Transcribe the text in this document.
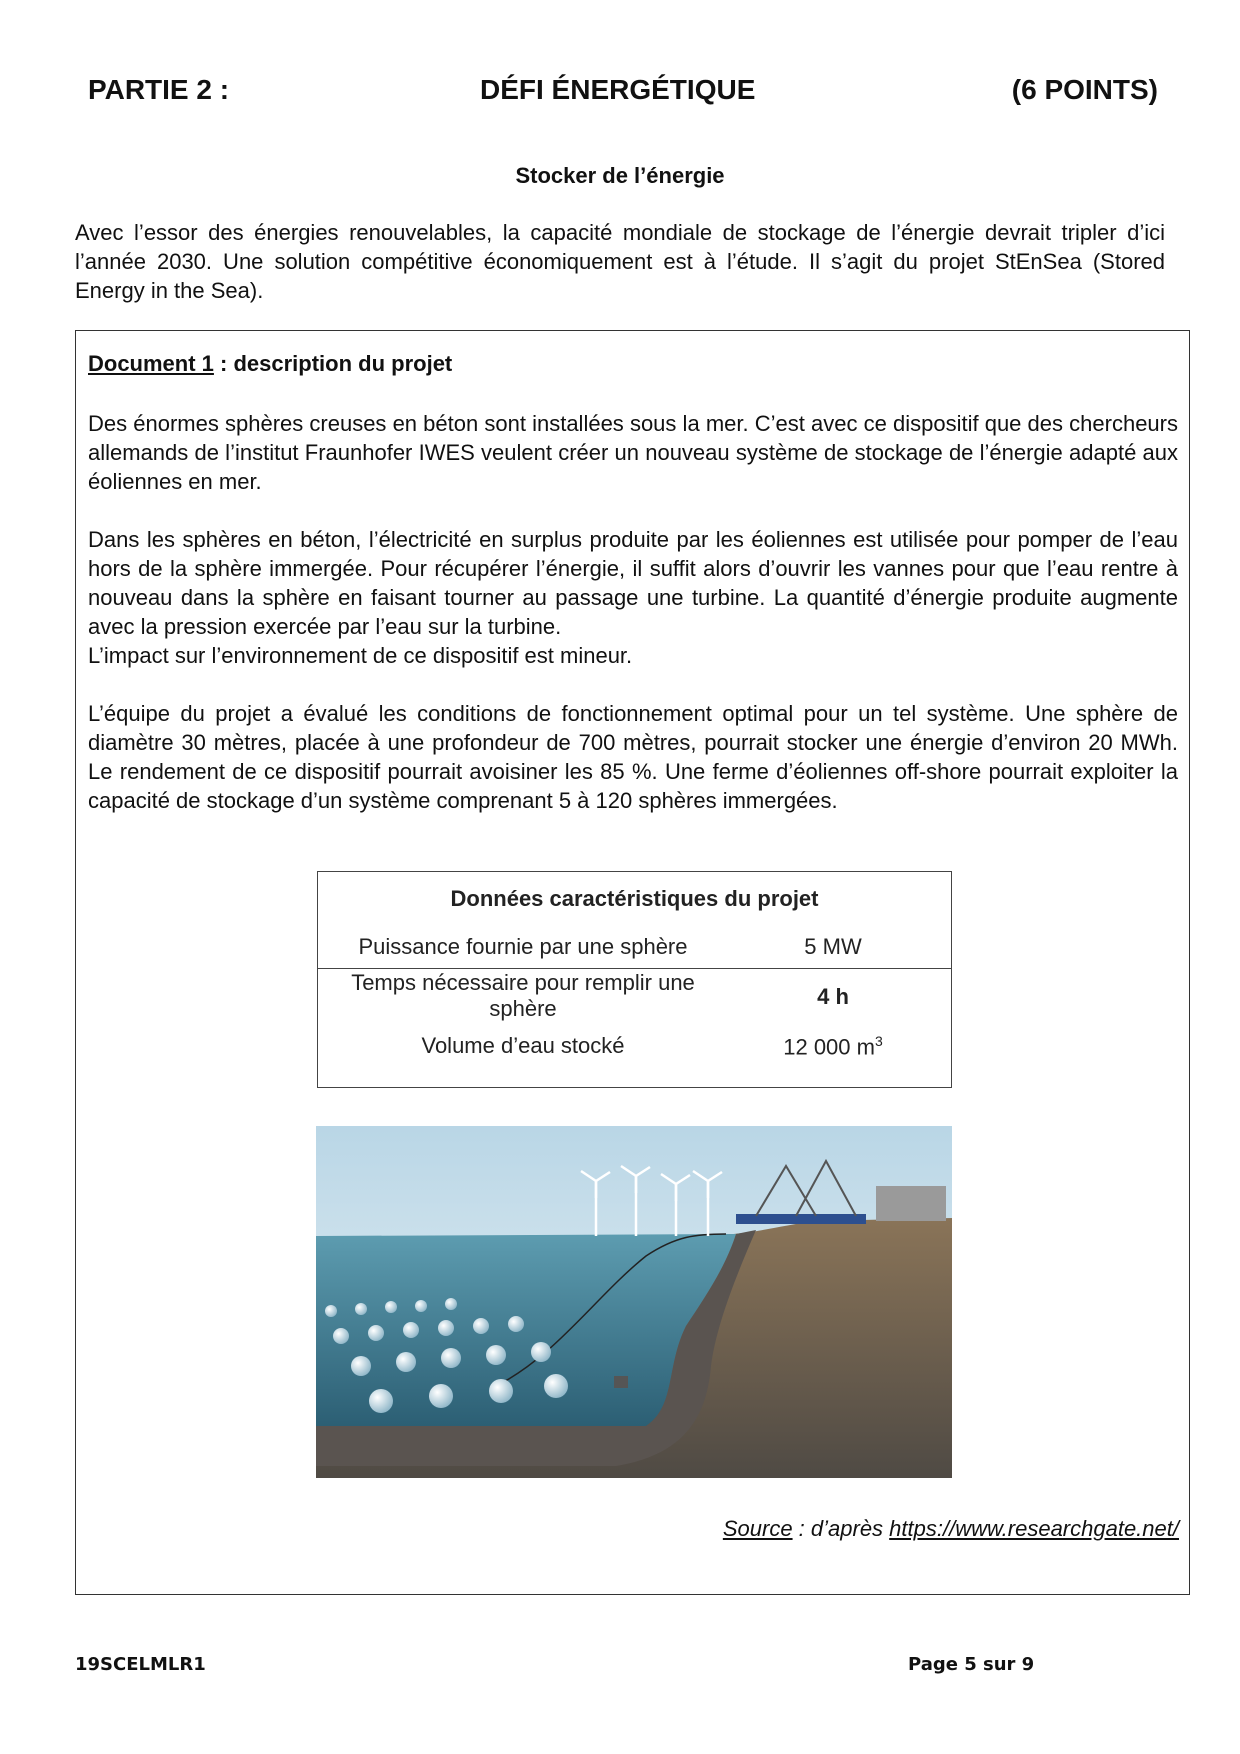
PARTIE 2 :	DÉFI ÉNERGÉTIQUE	(6 POINTS)
Stocker de l’énergie

Avec l’essor des énergies renouvelables, la capacité mondiale de stockage de l’énergie devrait tripler d’ici l’année 2030. Une solution compétitive économiquement est à l’étude. Il s’agit du projet StEnSea (Stored Energy in the Sea).

Document 1 : description du projet

Des énormes sphères creuses en béton sont installées sous la mer. C’est avec ce dispositif que des chercheurs allemands de l’institut Fraunhofer IWES veulent créer un nouveau système de stockage de l’énergie adapté aux éoliennes en mer.

Dans les sphères en béton, l’électricité en surplus produite par les éoliennes est utilisée pour pomper de l’eau hors de la sphère immergée. Pour récupérer l’énergie, il suffit alors d’ouvrir les vannes pour que l’eau rentre à nouveau dans la sphère en faisant tourner au passage une turbine. La quantité d’énergie produite augmente avec la pression exercée par l’eau sur la turbine.

L’impact sur l’environnement de ce dispositif est mineur.

L’équipe du projet a évalué les conditions de fonctionnement optimal pour un tel système. Une sphère de diamètre 30 mètres, placée à une profondeur de 700 mètres, pourrait stocker une énergie d’environ 20 MWh. Le rendement de ce dispositif pourrait avoisiner les 85 %. Une ferme d’éoliennes off-shore pourrait exploiter la capacité de stockage d’un système comprenant 5 à 120 sphères immergées.

Données caractéristiques du projet
Puissance fournie par une sphère	5 MW
Temps nécessaire pour remplir une sphère	4 h
Volume d’eau stocké	12 000 $m^3$
Source : d’après https://www.researchgate.net/
19SCELMLR1	Page 5 sur 9
